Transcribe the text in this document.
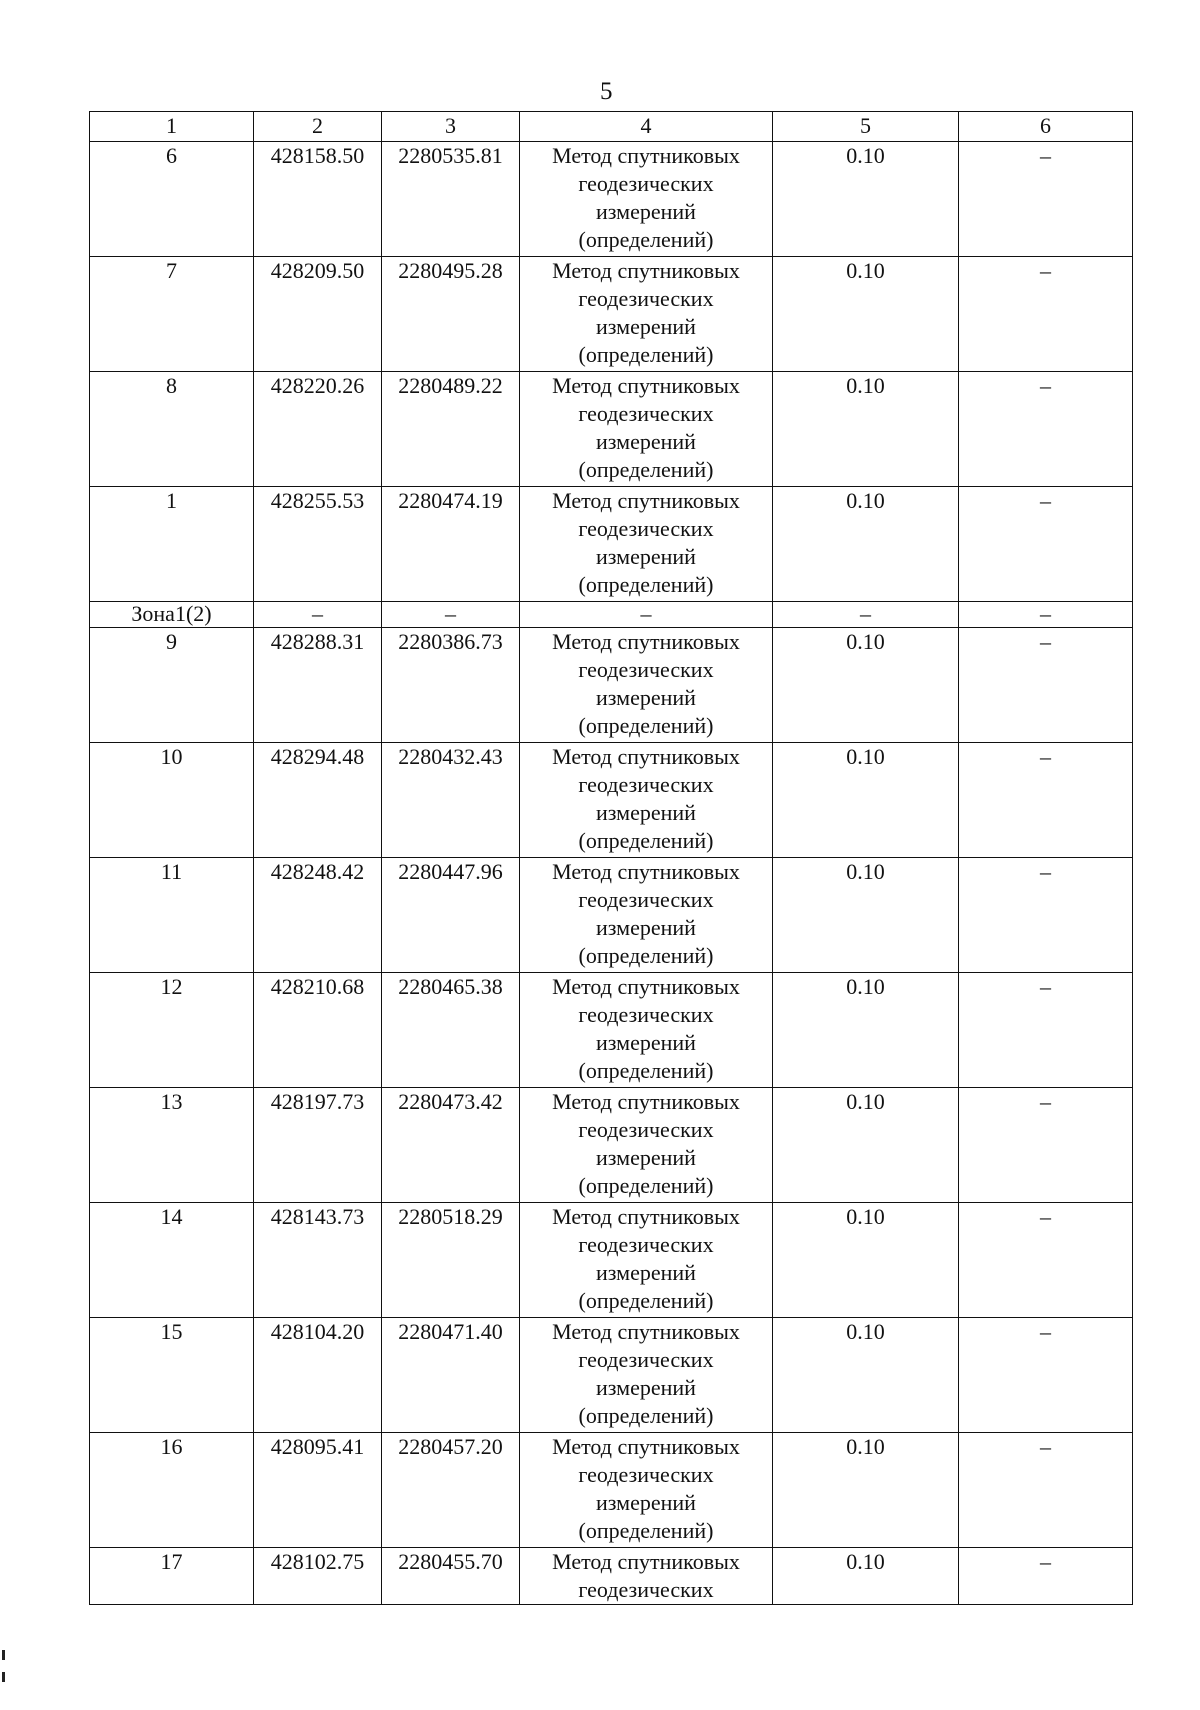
5
1	2	3	4	5	6
6	428158.50	2280535.81	Метод спутниковых
геодезических
измерений
(определений)	0.10	–
7	428209.50	2280495.28	Метод спутниковых
геодезических
измерений
(определений)	0.10	–
8	428220.26	2280489.22	Метод спутниковых
геодезических
измерений
(определений)	0.10	–
1	428255.53	2280474.19	Метод спутниковых
геодезических
измерений
(определений)	0.10	–
Зона1(2)	–	–	–	–	–
9	428288.31	2280386.73	Метод спутниковых
геодезических
измерений
(определений)	0.10	–
10	428294.48	2280432.43	Метод спутниковых
геодезических
измерений
(определений)	0.10	–
11	428248.42	2280447.96	Метод спутниковых
геодезических
измерений
(определений)	0.10	–
12	428210.68	2280465.38	Метод спутниковых
геодезических
измерений
(определений)	0.10	–
13	428197.73	2280473.42	Метод спутниковых
геодезических
измерений
(определений)	0.10	–
14	428143.73	2280518.29	Метод спутниковых
геодезических
измерений
(определений)	0.10	–
15	428104.20	2280471.40	Метод спутниковых
геодезических
измерений
(определений)	0.10	–
16	428095.41	2280457.20	Метод спутниковых
геодезических
измерений
(определений)	0.10	–
17	428102.75	2280455.70	Метод спутниковых
геодезических	0.10	–
